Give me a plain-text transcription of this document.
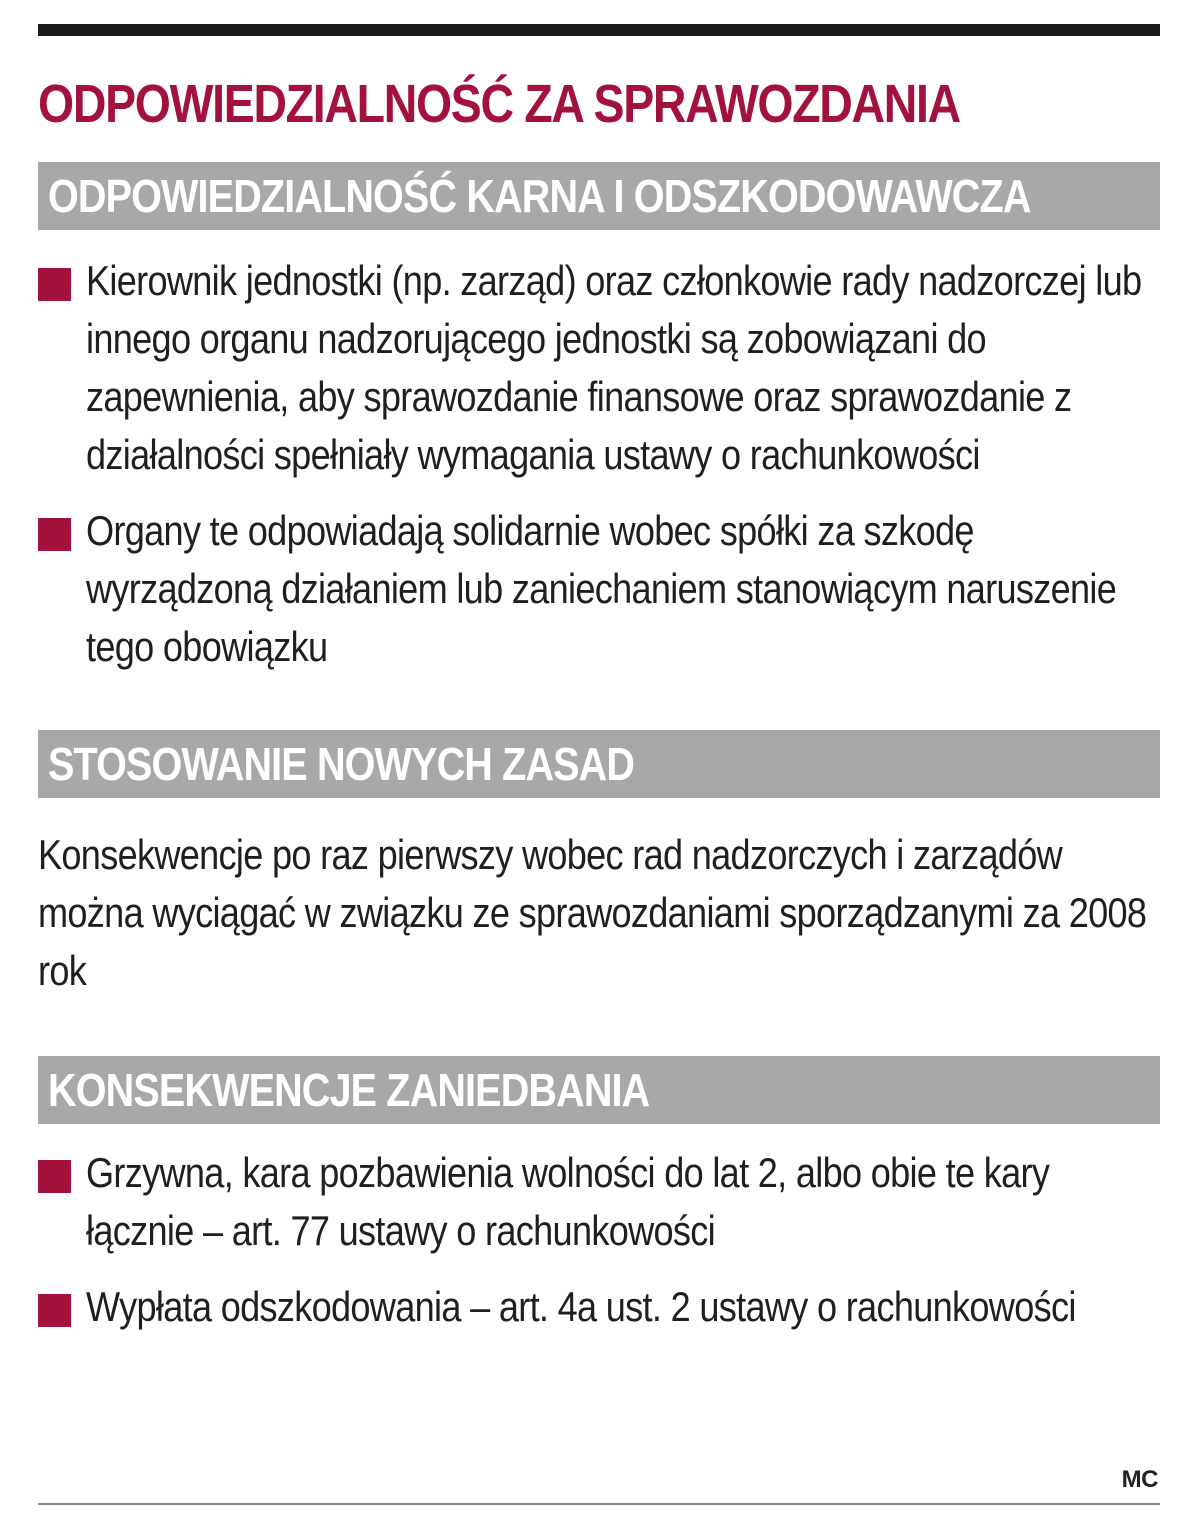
ODPOWIEDZIALNOŚĆ ZA SPRAWOZDANIA
ODPOWIEDZIALNOŚĆ KARNA I ODSZKODOWAWCZA
Kierownik jednostki (np. zarząd) oraz członkowie rady nadzorczej lub innego organu nadzorującego jednostki są zobowiązani do zapewnienia, aby sprawozdanie finansowe oraz sprawozdanie z działalności spełniały wymagania ustawy o rachunkowości
Organy te odpowiadają solidarnie wobec spółki za szkodę wyrządzoną działaniem lub zaniechaniem stanowiącym naruszenie tego obowiązku
STOSOWANIE NOWYCH ZASAD
Konsekwencje po raz pierwszy wobec rad nadzorczych i zarządów można wyciągać w związku ze sprawozdaniami sporządzanymi za 2008 rok
KONSEKWENCJE ZANIEDBANIA
Grzywna, kara pozbawienia wolności do lat 2, albo obie te kary łącznie – art. 77 ustawy o rachunkowości
Wypłata odszkodowania – art. 4a ust. 2 ustawy o rachunkowości
MC
